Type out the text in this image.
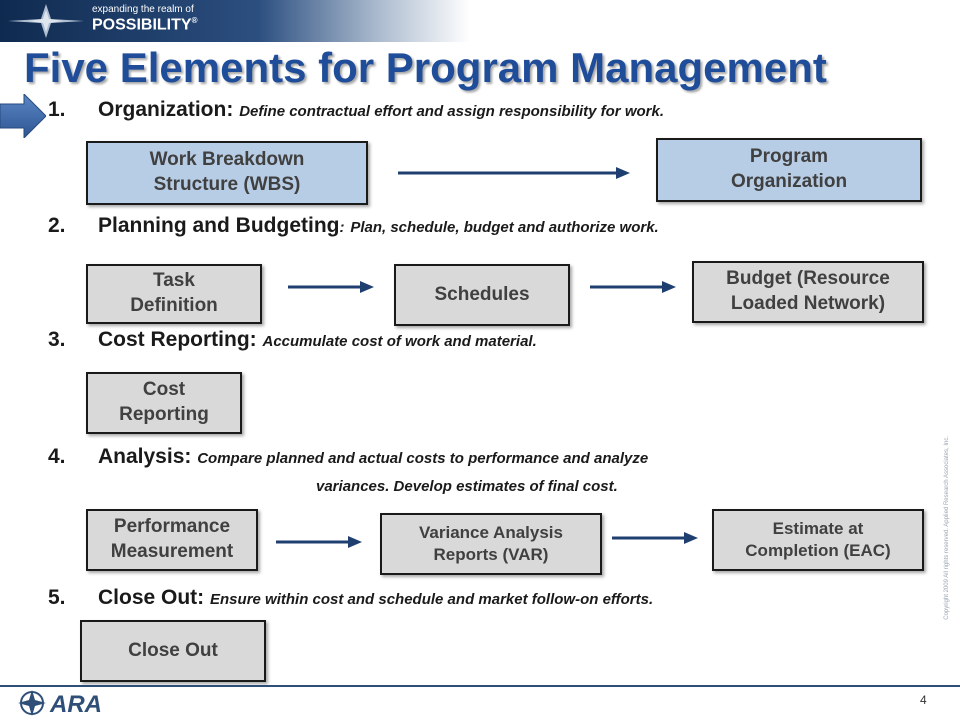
expanding the realm of
POSSIBILITY®
Five Elements for Program Management
1. Organization: Define contractual effort and assign responsibility for work.
Work Breakdown
Structure (WBS)
Program
Organization
2. Planning and Budgeting: Plan, schedule, budget and authorize work.
Task
Definition
Schedules
Budget (Resource
Loaded Network)
3. Cost Reporting: Accumulate cost of work and material.
Cost
Reporting
4. Analysis: Compare planned and actual costs to performance and analyze
variances. Develop estimates of final cost.
Performance
Measurement
Variance Analysis
Reports (VAR)
Estimate at
Completion (EAC)
5. Close Out: Ensure within cost and schedule and market follow-on efforts.
Close Out
Copyright 2009 All rights reserved. Applied Research Associates, Inc.
ARA	4
